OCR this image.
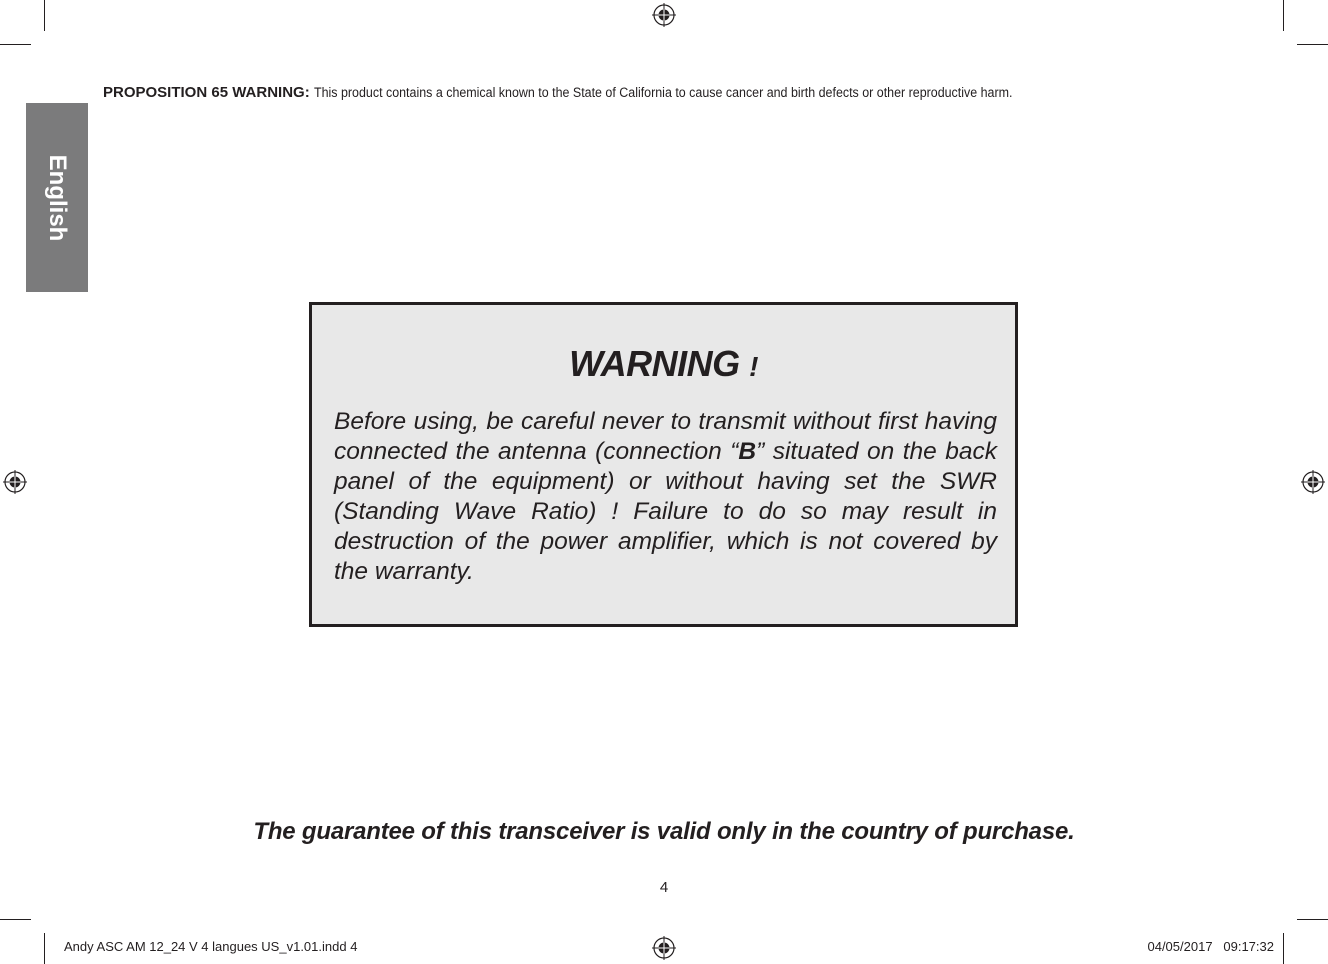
English
PROPOSITION 65 WARNING: This product contains a chemical known to the State of California to cause cancer and birth defects or other reproductive harm.
WARNING !
Before using, be careful never to transmit without first having connected the antenna (connection “B” situated on the back panel of the equipment) or without having set the SWR (Standing Wave Ratio) ! Failure to do so may result in destruction of the power amplifier, which is not covered by the warranty.
The guarantee of this transceiver is valid only in the country of purchase.
4
Andy ASC AM 12_24 V 4 langues US_v1.01.indd 4	04/05/2017   09:17:32
